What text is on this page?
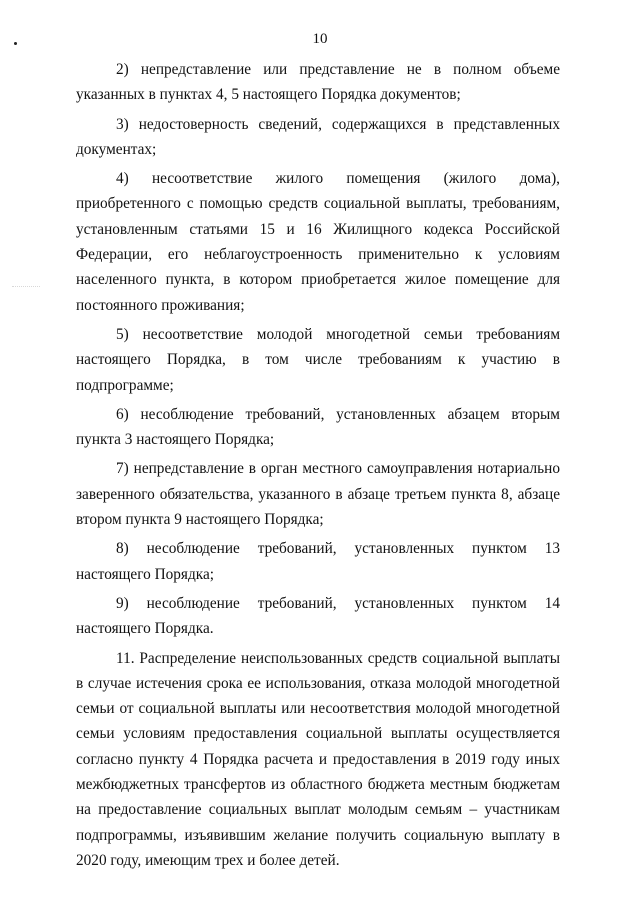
10

2) непредставление или представление не в полном объеме указанных в пунктах 4, 5 настоящего Порядка документов;

3) недостоверность сведений, содержащихся в представленных документах;

4) несоответствие жилого помещения (жилого дома), приобретенного с помощью средств социальной выплаты, требованиям, установленным статьями 15 и 16 Жилищного кодекса Российской Федерации, его неблагоустроенность применительно к условиям населенного пункта, в котором приобретается жилое помещение для постоянного проживания;

5) несоответствие молодой многодетной семьи требованиям настоящего Порядка, в том числе требованиям к участию в подпрограмме;

6) несоблюдение требований, установленных абзацем вторым пункта 3 настоящего Порядка;

7) непредставление в орган местного самоуправления нотариально заверенного обязательства, указанного в абзаце третьем пункта 8, абзаце втором пункта 9 настоящего Порядка;

8) несоблюдение требований, установленных пунктом 13 настоящего Порядка;

9) несоблюдение требований, установленных пунктом 14 настоящего Порядка.

11. Распределение неиспользованных средств социальной выплаты в случае истечения срока ее использования, отказа молодой многодетной семьи от социальной выплаты или несоответствия молодой многодетной семьи условиям предоставления социальной выплаты осуществляется согласно пункту 4 Порядка расчета и предоставления в 2019 году иных межбюджетных трансфертов из областного бюджета местным бюджетам на предоставление социальных выплат молодым семьям – участникам подпрограммы, изъявившим желание получить социальную выплату в 2020 году, имеющим трех и более детей.
